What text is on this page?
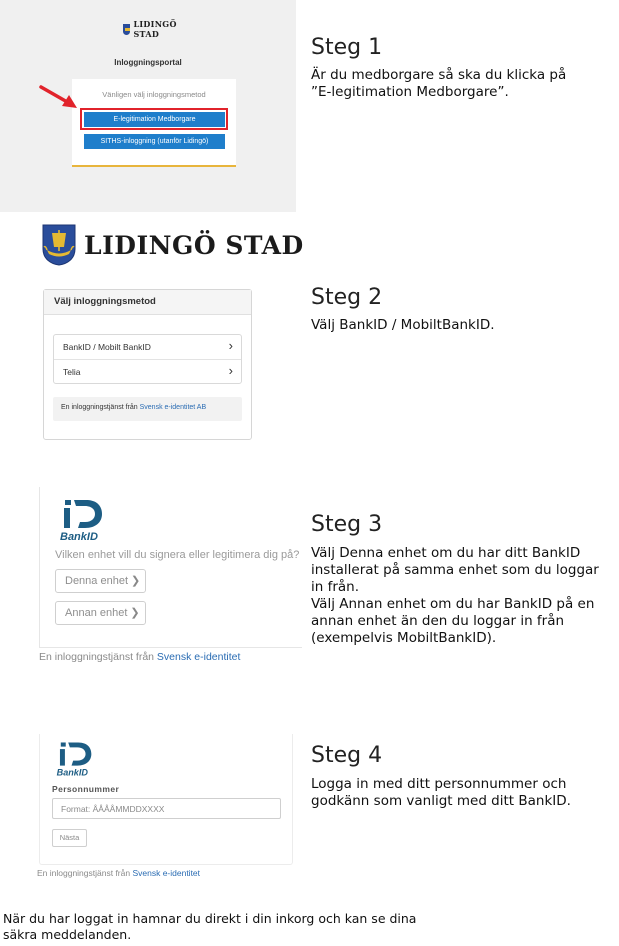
LIDINGÖ STAD
Inloggningsportal
Vänligen välj inloggningsmetod
E-legitimation Medborgare
SITHS-inloggning (utanför Lidingö)
Steg 1
Är du medborgare så ska du klicka på
”E-legitimation Medborgare”.
LIDINGÖ STAD
Välj inloggningsmetod
BankID / Mobilt BankID	›
Telia	›
En inloggningstjänst från Svensk e-identitet AB
Steg 2
Välj BankID / MobiltBankID.
BankID
Vilken enhet vill du signera eller legitimera dig på?
Denna enhet ❯
Annan enhet ❯
En inloggningstjänst från Svensk e-identitet
Steg 3
Välj Denna enhet om du har ditt BankID
installerat på samma enhet som du loggar
in från.
Välj Annan enhet om du har BankID på en
annan enhet än den du loggar in från
(exempelvis MobiltBankID).
BankID
Personnummer
Format: ÅÅÅÅMMDDXXXX
Nästa
En inloggningstjänst från Svensk e-identitet
Steg 4
Logga in med ditt personnummer och
godkänn som vanligt med ditt BankID.
När du har loggat in hamnar du direkt i din inkorg och kan se dina säkra meddelanden.
